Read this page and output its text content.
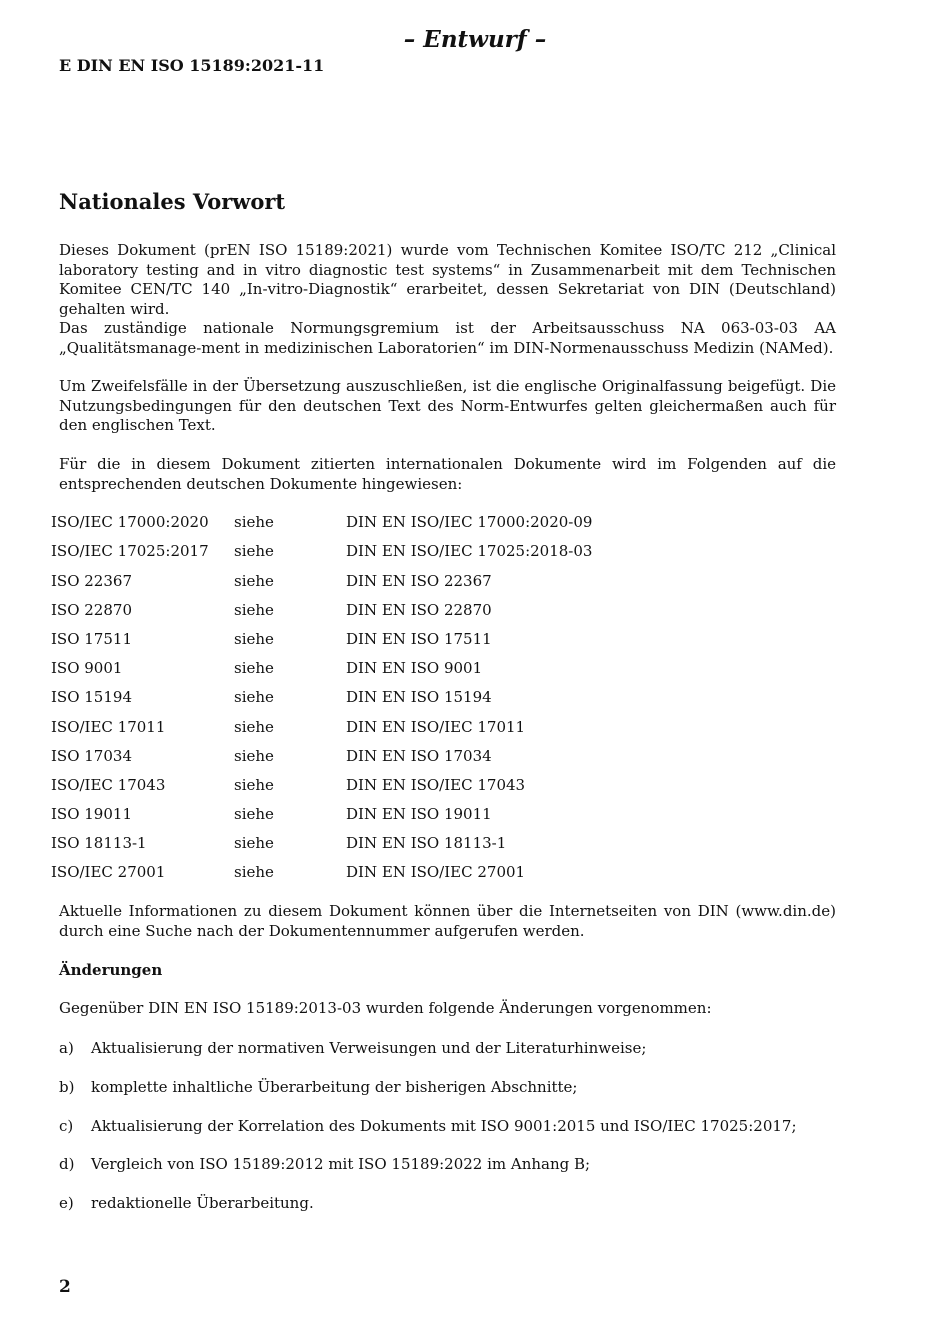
– Entwurf –

E DIN EN ISO 15189:2021-11

Nationales Vorwort

Dieses Dokument (prEN ISO 15189:2021) wurde vom Technischen Komitee ISO/TC 212 „Clinical laboratory testing and in vitro diagnostic test systems“ in Zusammenarbeit mit dem Technischen Komitee CEN/TC 140 „In-vitro-Diagnostik“ erarbeitet, dessen Sekretariat von DIN (Deutschland) gehalten wird.

Das zuständige nationale Normungsgremium ist der Arbeitsausschuss NA 063-03-03 AA „Qualitätsmanage-ment in medizinischen Laboratorien“ im DIN-Normenausschuss Medizin (NAMed).

Um Zweifelsfälle in der Übersetzung auszuschließen, ist die englische Originalfassung beigefügt. Die Nutzungsbedingungen für den deutschen Text des Norm-Entwurfes gelten gleichermaßen auch für den englischen Text.

Für die in diesem Dokument zitierten internationalen Dokumente wird im Folgenden auf die entsprechenden deutschen Dokumente hingewiesen:

ISO/IEC 17000:2020 siehe	DIN EN ISO/IEC 17000:2020-09
ISO/IEC 17025:2017 siehe	DIN EN ISO/IEC 17025:2018-03
ISO 22367	siehe	DIN EN ISO 22367
ISO 22870	siehe	DIN EN ISO 22870
ISO 17511	siehe	DIN EN ISO 17511
ISO 9001	siehe	DIN EN ISO 9001
ISO 15194	siehe	DIN EN ISO 15194
ISO/IEC 17011	siehe	DIN EN ISO/IEC 17011
ISO 17034	siehe	DIN EN ISO 17034
ISO/IEC 17043	siehe	DIN EN ISO/IEC 17043
ISO 19011	siehe	DIN EN ISO 19011
ISO 18113-1	siehe	DIN EN ISO 18113-1
ISO/IEC 27001	siehe	DIN EN ISO/IEC 27001

Aktuelle Informationen zu diesem Dokument können über die Internetseiten von DIN (www.din.de) durch eine Suche nach der Dokumentennummer aufgerufen werden.

Änderungen

Gegenüber DIN EN ISO 15189:2013-03 wurden folgende Änderungen vorgenommen:

a) Aktualisierung der normativen Verweisungen und der Literaturhinweise;
b) komplette inhaltliche Überarbeitung der bisherigen Abschnitte;
c) Aktualisierung der Korrelation des Dokuments mit ISO 9001:2015 und ISO/IEC 17025:2017;
d) Vergleich von ISO 15189:2012 mit ISO 15189:2022 im Anhang B;
e) redaktionelle Überarbeitung.

2
